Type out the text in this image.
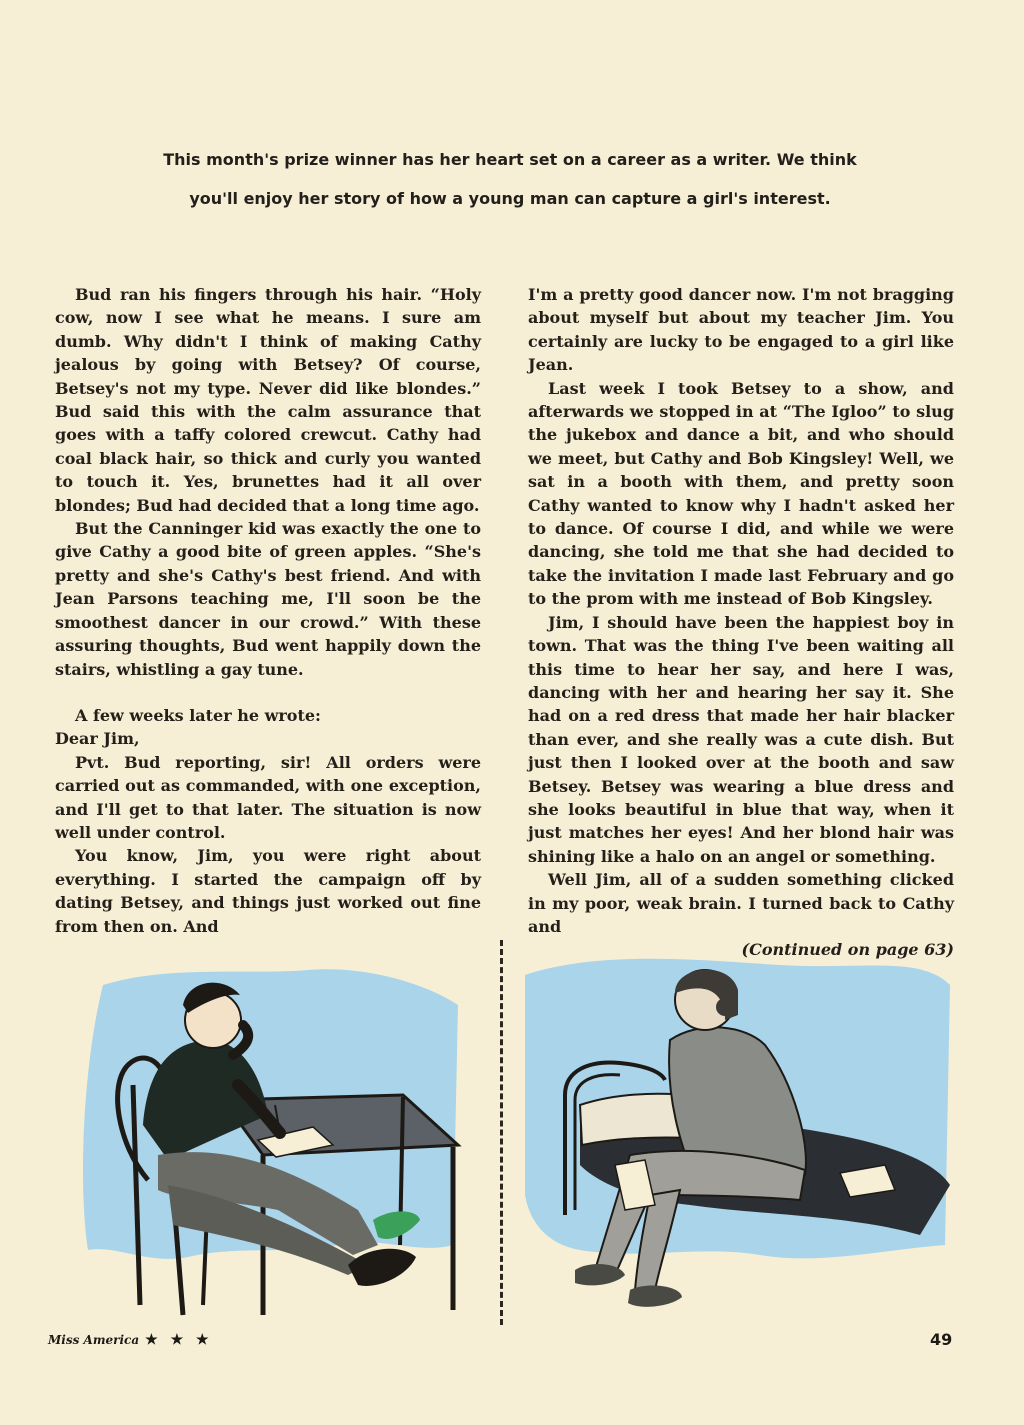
This month's prize winner has her heart set on a career as a writer. We think

you'll enjoy her story of how a young man can capture a girl's interest.

Bud ran his fingers through his hair. “Holy cow, now I see what he means. I sure am dumb. Why didn't I think of making Cathy jealous by going with Betsey? Of course, Betsey's not my type. Never did like blondes.” Bud said this with the calm assurance that goes with a taffy colored crewcut. Cathy had coal black hair, so thick and curly you wanted to touch it. Yes, brunettes had it all over blondes; Bud had decided that a long time ago.

But the Canninger kid was exactly the one to give Cathy a good bite of green apples. “She's pretty and she's Cathy's best friend. And with Jean Parsons teaching me, I'll soon be the smoothest dancer in our crowd.” With these assuring thoughts, Bud went happily down the stairs, whistling a gay tune.

A few weeks later he wrote:

Dear Jim,

Pvt. Bud reporting, sir! All orders were carried out as commanded, with one exception, and I'll get to that later. The situation is now well under control.

You know, Jim, you were right about everything. I started the campaign off by dating Betsey, and things just worked out fine from then on. And

I'm a pretty good dancer now. I'm not bragging about myself but about my teacher Jim. You certainly are lucky to be engaged to a girl like Jean.

Last week I took Betsey to a show, and afterwards we stopped in at “The Igloo” to slug the jukebox and dance a bit, and who should we meet, but Cathy and Bob Kingsley! Well, we sat in a booth with them, and pretty soon Cathy wanted to know why I hadn't asked her to dance. Of course I did, and while we were dancing, she told me that she had decided to take the invitation I made last February and go to the prom with me instead of Bob Kingsley.

Jim, I should have been the happiest boy in town. That was the thing I've been waiting all this time to hear her say, and here I was, dancing with her and hearing her say it. She had on a red dress that made her hair blacker than ever, and she really was a cute dish. But just then I looked over at the booth and saw Betsey. Betsey was wearing a blue dress and she looks beautiful in blue that way, when it just matches her eyes! And her blond hair was shining like a halo on an angel or something.

Well Jim, all of a sudden something clicked in my poor, weak brain. I turned back to Cathy and

(Continued on page 63)

Miss America ★ ★ ★	49
